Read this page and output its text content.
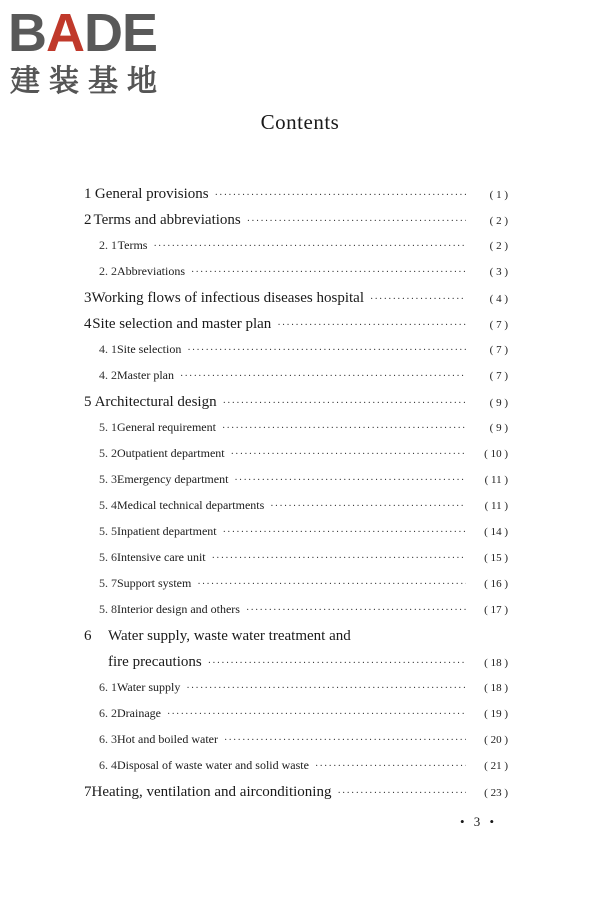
BADE
建装基地
Contents
1 General provisions ·····	( 1 )
2 Terms and abbreviations ·····	( 2 )
2. 1 Terms ·····	( 2 )
2. 2 Abbreviations ·····	( 3 )
3 Working flows of infectious diseases hospital ·····	( 4 )
4 Site selection and master plan ·····	( 7 )
4. 1 Site selection ·····	( 7 )
4. 2 Master plan ·····	( 7 )
5 Architectural design ·····	( 9 )
5. 1 General requirement ·····	( 9 )
5. 2 Outpatient department ·····	( 10 )
5. 3 Emergency department ·····	( 11 )
5. 4 Medical technical departments ·····	( 11 )
5. 5 Inpatient department ·····	( 14 )
5. 6 Intensive care unit ·····	( 15 )
5. 7 Support system ·····	( 16 )
5. 8 Interior design and others ·····	( 17 )
6	Water supply, waste water treatment and
fire precautions ·····	( 18 )
6. 1 Water supply ·····	( 18 )
6. 2 Drainage ·····	( 19 )
6. 3 Hot and boiled water ·····	( 20 )
6. 4 Disposal of waste water and solid waste ·····	( 21 )
7 Heating, ventilation and airconditioning ·····	( 23 )
• 3 •
